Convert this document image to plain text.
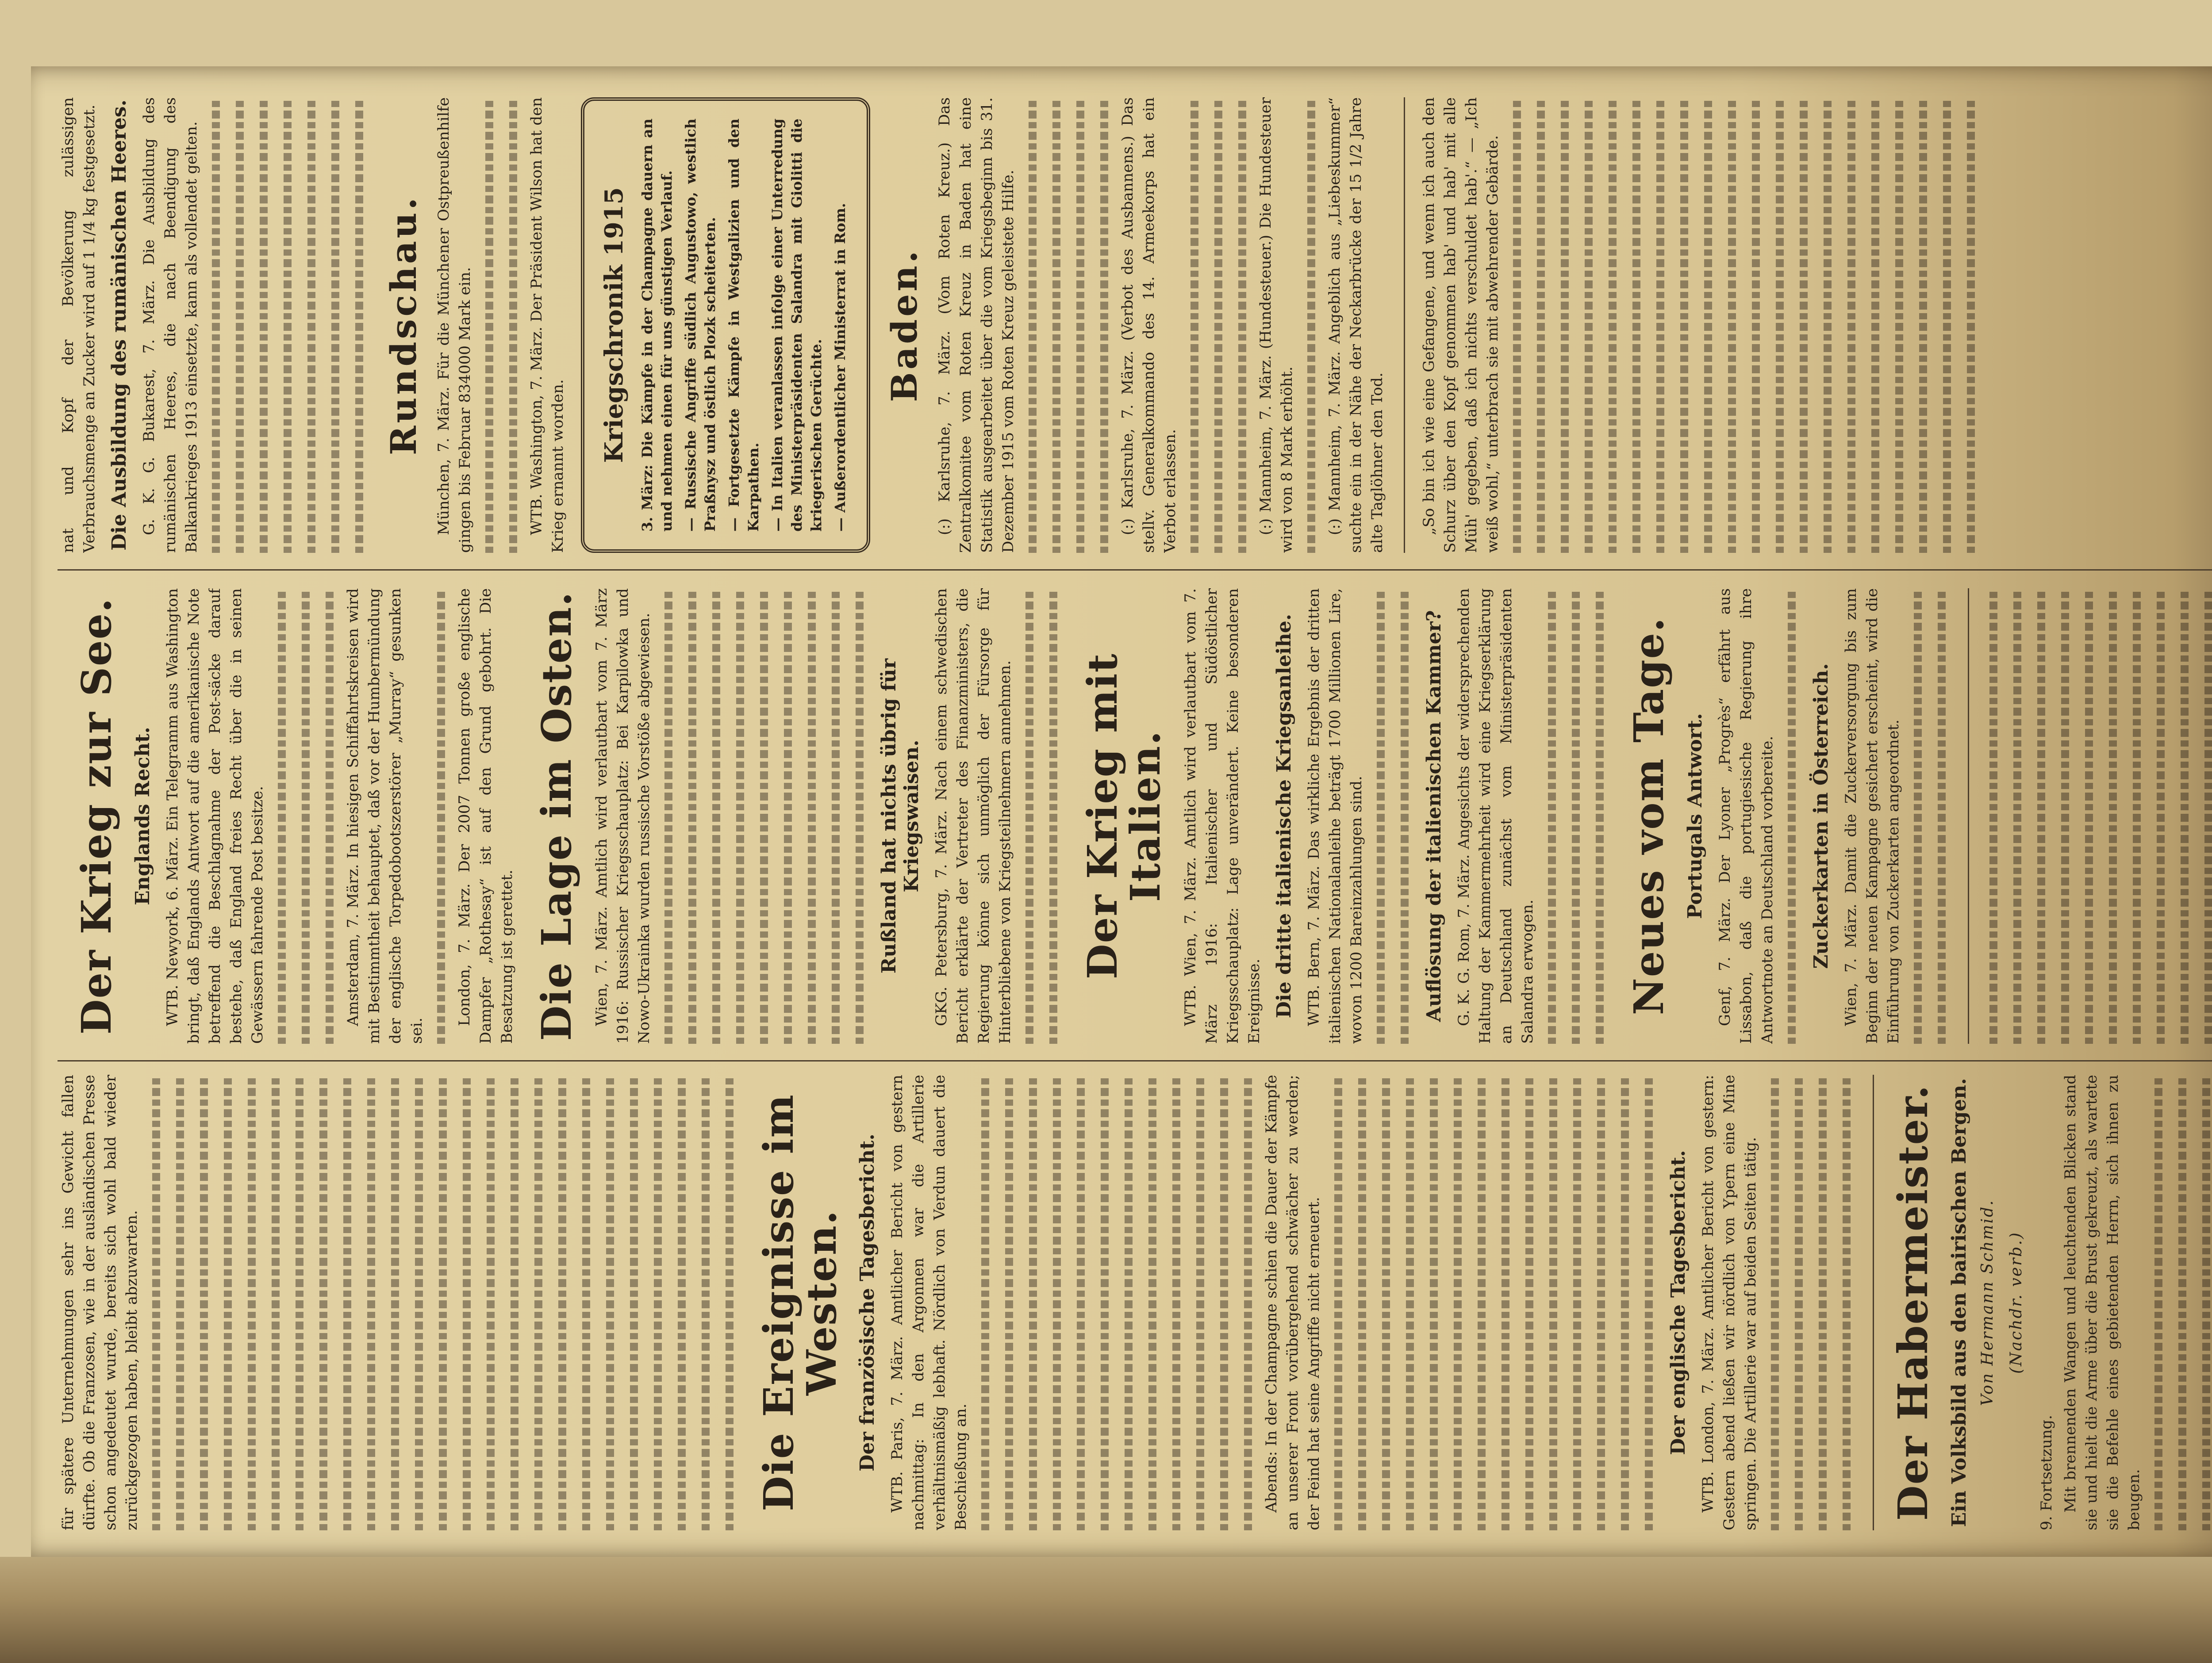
für spätere Unternehmungen sehr ins Gewicht fallen dürfte. Ob die Franzosen, wie in der ausländischen Presse schon angedeutet wurde, bereits sich wohl bald wieder zurückgezogen haben, bleibt abzuwarten.	Die Ereignisse im Westen. Der französische Tagesbericht. WTB. Paris, 7. März. Amtlicher Bericht von gestern nachmittag: In den Argonnen war die Artillerie verhältnismäßig lebhaft. Nördlich von Verdun dauert die Beschießung an.	Abends: In der Champagne schien die Dauer der Kämpfe an unserer Front vorübergehend schwächer zu werden; der Feind hat seine Angriffe nicht erneuert.	Der englische Tagesbericht. WTB. London, 7. März. Amtlicher Bericht von gestern: Gestern abend ließen wir nördlich von Ypern eine Mine springen. Die Artillerie war auf beiden Seiten tätig.	Der Habermeister. Ein Volksbild aus den bairischen Bergen. Von Hermann Schmid. (Nachdr. verb.)

9. Fortsetzung. Mit brennenden Wangen und leuchtenden Blicken stand sie und hielt die Arme über die Brust gekreuzt, als wartete sie die Befehle eines gebietenden Herrn, sich ihnen zu beugen.

Der Krieg zur See. Englands Recht. WTB. Newyork, 6. März. Ein Telegramm aus Washington bringt, daß Englands Antwort auf die amerikanische Note betreffend die Beschlagnahme der Post-säcke darauf bestehe, daß England freies Recht über die in seinen Gewässern fahrende Post besitze.	Amsterdam, 7. März. In hiesigen Schiffahrtskreisen wird mit Bestimmtheit behauptet, daß vor der Humbermündung der englische Torpedobootszerstörer „Murray“ gesunken sei.

London, 7. März. Der 2007 Tonnen große englische Dampfer „Rothesay“ ist auf den Grund gebohrt. Die Besatzung ist gerettet. Die Lage im Osten. Wien, 7. März. Amtlich wird verlautbart vom 7. März 1916: Russischer Kriegsschauplatz: Bei Karpilowka und Nowo-Ukrainka wurden russische Vorstöße abgewiesen.	Rußland hat nichts übrig für Kriegswaisen. GKG. Petersburg, 7. März. Nach einem schwedischen Bericht erklärte der Vertreter des Finanzministers, die Regierung könne sich unmöglich der Fürsorge für Hinterbliebene von Kriegsteilnehmern annehmen. Der Krieg mit Italien. WTB. Wien, 7. März. Amtlich wird verlautbart vom 7. März 1916: Italienischer und Südöstlicher Kriegsschauplatz: Lage unverändert. Keine besonderen Ereignisse. Die dritte italienische Kriegsanleihe. WTB. Bern, 7. März. Das wirkliche Ergebnis der dritten italienischen Nationalanleihe beträgt 1700 Millionen Lire, wovon 1200 Bareinzahlungen sind.	Auflösung der italienischen Kammer? G. K. G. Rom, 7. März. Angesichts der widersprechenden Haltung der Kammermehrheit wird eine Kriegserklärung an Deutschland zunächst vom Ministerpräsidenten Salandra erwogen. Neues vom Tage. Portugals Antwort. Genf, 7. März. Der Lyoner „Progrès“ erfährt aus Lissabon, daß die portugiesische Regierung ihre Antwortnote an Deutschland vorbereite. Zuckerkarten in Österreich. Wien, 7. März. Damit die Zuckerversorgung bis zum Beginn der neuen Kampagne gesichert erscheint, wird die Einführung von Zuckerkarten angeordnet.

nat und Kopf der Bevölkerung zulässigen Verbrauchsmenge an Zucker wird auf 1 1/4 kg festgesetzt. Die Ausbildung des rumänischen Heeres. G. K. G. Bukarest, 7. März. Die Ausbildung des rumänischen Heeres, die nach Beendigung des Balkankrieges 1913 einsetzte, kann als vollendet gelten.	Rundschau. München, 7. März. Für die Münchener Ostpreußenhilfe gingen bis Februar 834000 Mark ein.	WTB. Washington, 7. März. Der Präsident Wilson hat den Krieg ernannt worden.

Kriegschronik 1915 3. März: Die Kämpfe in der Champagne dauern an und nehmen einen für uns günstigen Verlauf. — Russische Angriffe südlich Augustowo, westlich Praßnysz und östlich Plozk scheiterten. — Fortgesetzte Kämpfe in Westgalizien und den Karpathen. — In Italien veranlassen infolge einer Unterredung des Ministerpräsidenten Salandra mit Giolitti die kriegerischen Gerüchte. — Außerordentlicher Ministerrat in Rom. Baden. (:) Karlsruhe, 7. März. (Vom Roten Kreuz.) Das Zentralkomitee vom Roten Kreuz in Baden hat eine Statistik ausgearbeitet über die vom Kriegsbeginn bis 31. Dezember 1915 vom Roten Kreuz geleistete Hilfe.	(:) Karlsruhe, 7. März. (Verbot des Ausbannens.) Das stellv. Generalkommando des 14. Armeekorps hat ein Verbot erlassen.	(:) Mannheim, 7. März. (Hundesteuer.) Die Hundesteuer wird von 8 Mark erhöht. (:) Mannheim, 7. März. Angeblich aus „Liebeskummer“ suchte ein in der Nähe der Neckarbrücke der 15 1/2 Jahre alte Taglöhner den Tod. „So bin ich wie eine Gefangene, und wenn ich auch den Schurz über den Kopf genommen hab' und hab' mit alle Müh' gegeben, daß ich nichts verschuldet hab'.“ — „Ich weiß wohl,“ unterbrach sie mit abwehrender Gebärde.
